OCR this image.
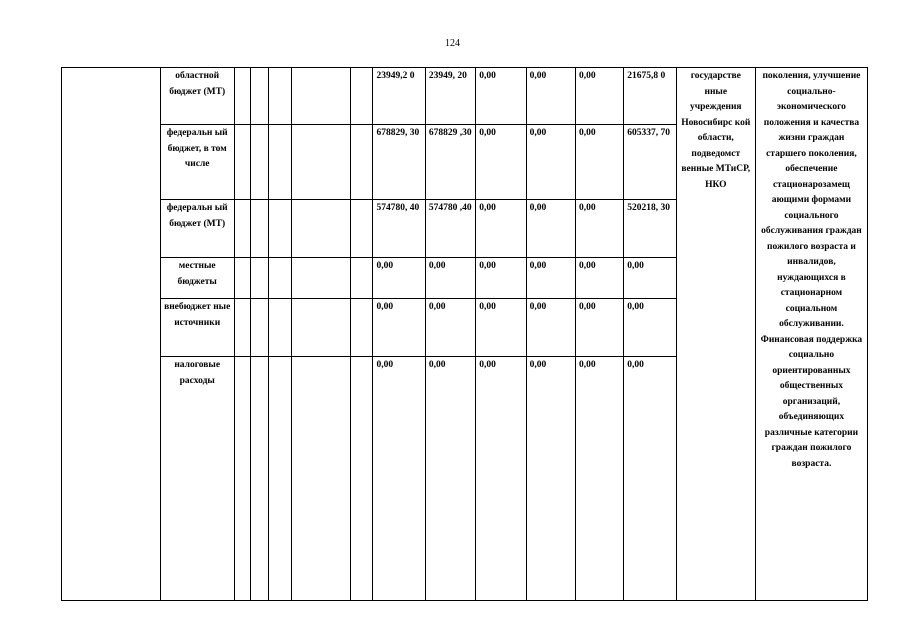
124
	областной бюджет (МТ)						23949,2 0	23949, 20	0,00	0,00	0,00	21675,8 0	государстве нные учреждения Новосибирс кой области, подведомст венные МТиСР, НКО	поколения, улучшение социально- экономического положения и качества жизни граждан старшего поколения, обеспечение стационарозамещ ающими формами социального обслуживания граждан пожилого возраста и инвалидов, нуждающихся в стационарном социальном обслуживании. Финансовая поддержка социально ориентированных общественных организаций, объединяющих различные категории граждан пожилого возраста.
	федеральн ый бюджет, в том числе						678829, 30	678829 ,30	0,00	0,00	0,00	605337, 70		
	федеральн ый бюджет (МТ)						574780, 40	574780 ,40	0,00	0,00	0,00	520218, 30		
	местные бюджеты						0,00	0,00	0,00	0,00	0,00	0,00		
	внебюджет ные источники						0,00	0,00	0,00	0,00	0,00	0,00		
	налоговые расходы						0,00	0,00	0,00	0,00	0,00	0,00		
